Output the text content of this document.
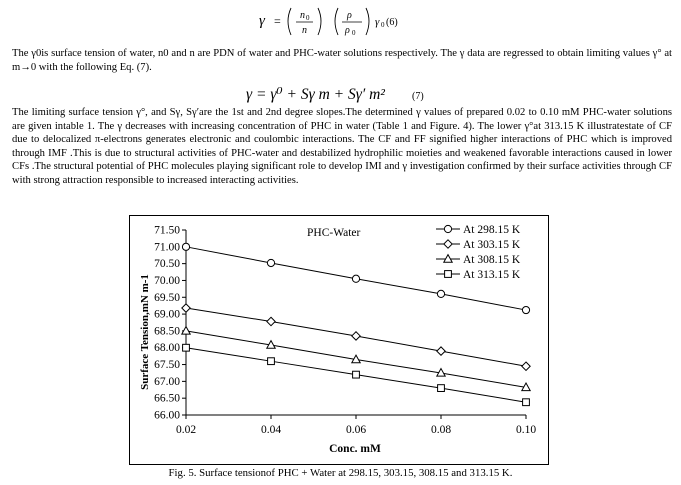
γ = n 0
n
ρ
ρ 0
γ 0 (6)

The γ0is surface tension of water, n0 and n are PDN of water and PHC-water solutions respectively. The γ data are regressed to obtain limiting values γ° at m→0 with the following Eq. (7).

γ = γ⁰ + Sγ m + Sγ′ m²	(7)

The limiting surface tension γ°, and Sγ, Sγ′are the 1st and 2nd degree slopes.The determined γ values of prepared 0.02 to 0.10 mM PHC-water solutions are given intable 1. The γ decreases with increasing concentration of PHC in water (Table 1 and Figure. 4). The lower γ°at 313.15 K illustratestate of CF due to delocalized π-electrons generates electronic and coulombic interactions. The CF and FF signified higher interactions of PHC which is improved through IMF .This is due to structural activities of PHC-water and destabilized hydrophilic moieties and weakened favorable interactions caused in lower CFs .The structural potential of PHC molecules playing significant role to develop IMI and γ investigation confirmed by their surface activities through CF with strong attraction responsible to increased interacting activities.

71.50
71.00
70.50
70.00
69.50
69.00
68.50
68.00
67.50
67.00
66.50
66.00
0.02	0.04	0.06	0.08	0.10
At 298.15 K
At 303.15 K
At 308.15 K
At 313.15 K
PHC-Water
Conc. mM
Surface Tension,mN m-1

Fig. 5. Surface tensionof PHC + Water at 298.15, 303.15, 308.15 and 313.15 K.
